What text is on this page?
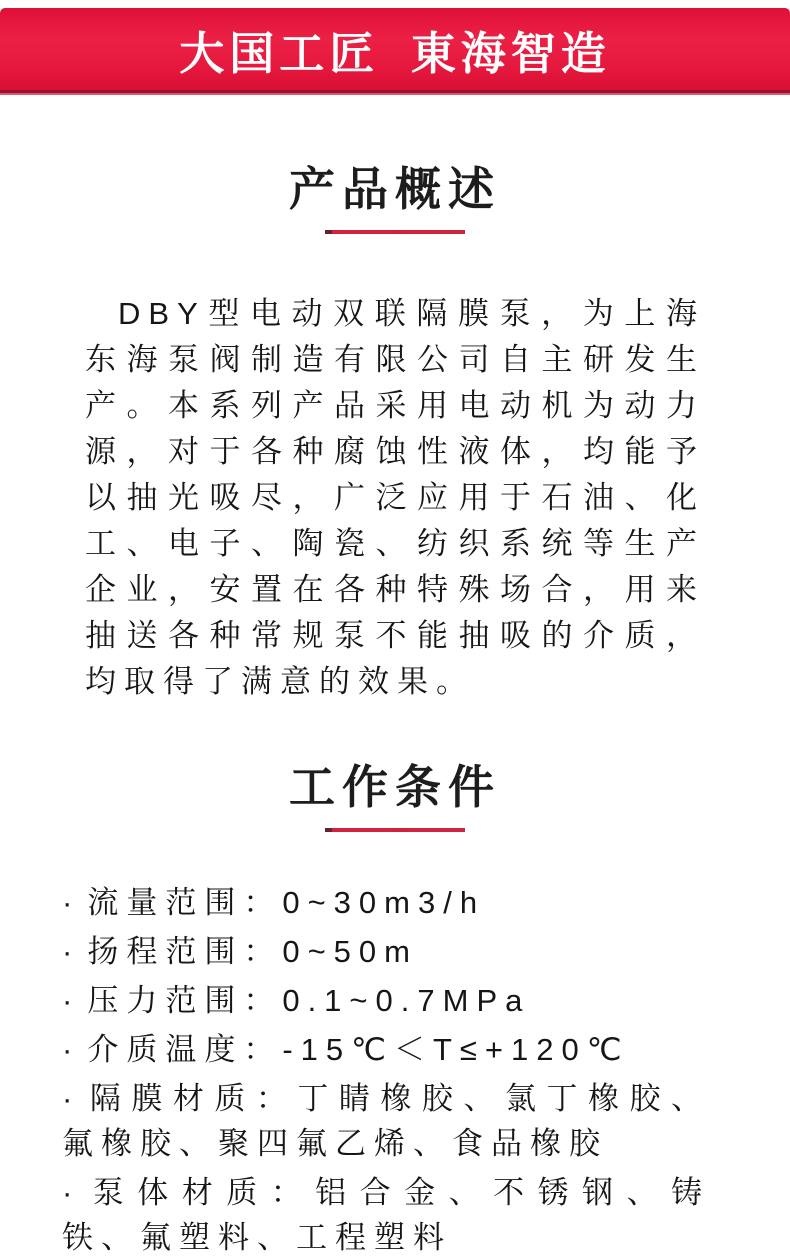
大国工匠 東海智造
产品概述

DBY型电动双联隔膜泵，为上海东海泵阀制造有限公司自主研发生产。本系列产品采用电动机为动力源，对于各种腐蚀性液体，均能予以抽光吸尽，广泛应用于石油、化工、电子、陶瓷、纺织系统等生产企业，安置在各种特殊场合，用来抽送各种常规泵不能抽吸的介质，均取得了满意的效果。

工作条件
· 流量范围：0~30m3/h
· 扬程范围：0~50m
· 压力范围：0.1~0.7MPa
· 介质温度：-15℃＜T≤+120℃
· 隔膜材质：丁睛橡胶、氯丁橡胶、氟橡胶、聚四氟乙烯、食品橡胶
· 泵体材质：铝合金、不锈钢、铸铁、氟塑料、工程塑料
